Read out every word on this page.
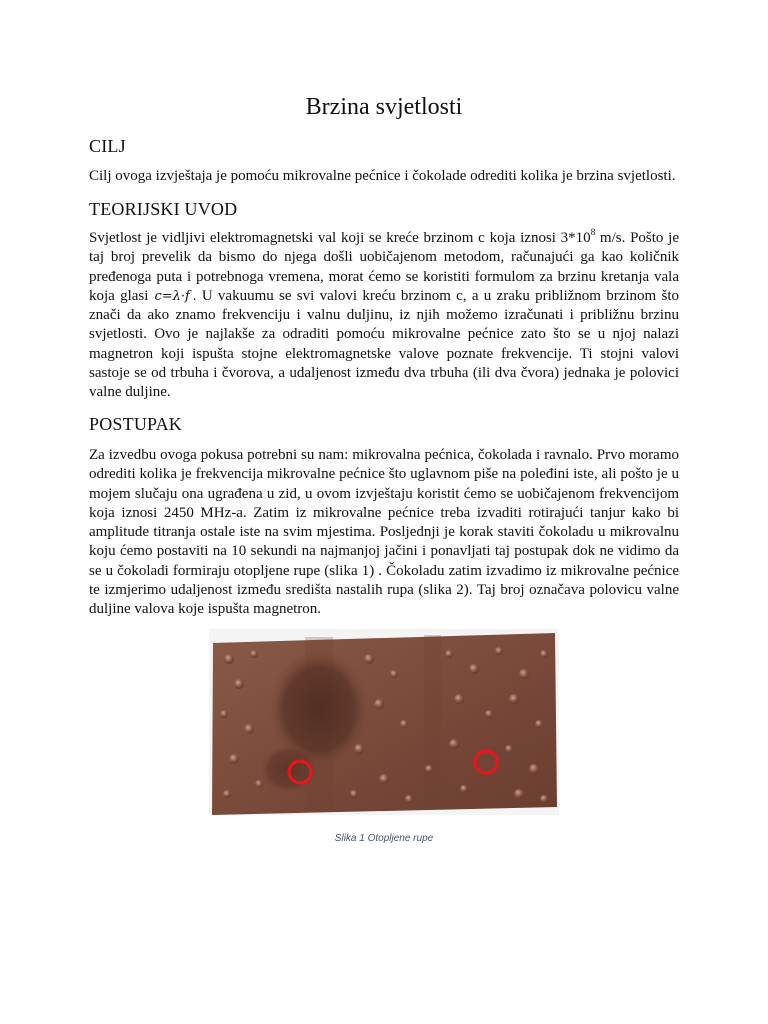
Brzina svjetlosti
CILJ

Cilj ovoga izvještaja je pomoću mikrovalne pećnice i čokolade odrediti kolika je brzina svjetlosti.

TEORIJSKI UVOD

Svjetlost je vidljivi elektromagnetski val koji se kreće brzinom c koja iznosi $3*10^8$ m/s. Pošto je taj broj prevelik da bismo do njega došli uobičajenom metodom, računajući ga kao količnik pređenoga puta i potrebnoga vremena, morat ćemo se koristiti formulom za brzinu kretanja vala koja glasi c=λ·f . U vakuumu se svi valovi kreću brzinom c, a u zraku približnom brzinom što znači da ako znamo frekvenciju i valnu duljinu, iz njih možemo izračunati i približnu brzinu svjetlosti. Ovo je najlakše za odraditi pomoću mikrovalne pećnice zato što se u njoj nalazi magnetron koji ispušta stojne elektromagnetske valove poznate frekvencije. Ti stojni valovi sastoje se od trbuha i čvorova, a udaljenost između dva trbuha (ili dva čvora) jednaka je polovici valne duljine.

POSTUPAK

Za izvedbu ovoga pokusa potrebni su nam: mikrovalna pećnica, čokolada i ravnalo. Prvo moramo odrediti kolika je frekvencija mikrovalne pećnice što uglavnom piše na poleđini iste, ali pošto je u mojem slučaju ona ugrađena u zid, u ovom izvještaju koristit ćemo se uobičajenom frekvencijom koja iznosi 2450 MHz-a. Zatim iz mikrovalne pećnice treba izvaditi rotirajući tanjur kako bi amplitude titranja ostale iste na svim mjestima. Posljednji je korak staviti čokoladu u mikrovalnu koju ćemo postaviti na 10 sekundi na najmanjoj jačini i ponavljati taj postupak dok ne vidimo da se u čokoladi formiraju otopljene rupe (slika 1) . Čokoladu zatim izvadimo iz mikrovalne pećnice te izmjerimo udaljenost između središta nastalih rupa (slika 2). Taj broj označava polovicu valne duljine valova koje ispušta magnetron.

Slika 1 Otopljene rupe
